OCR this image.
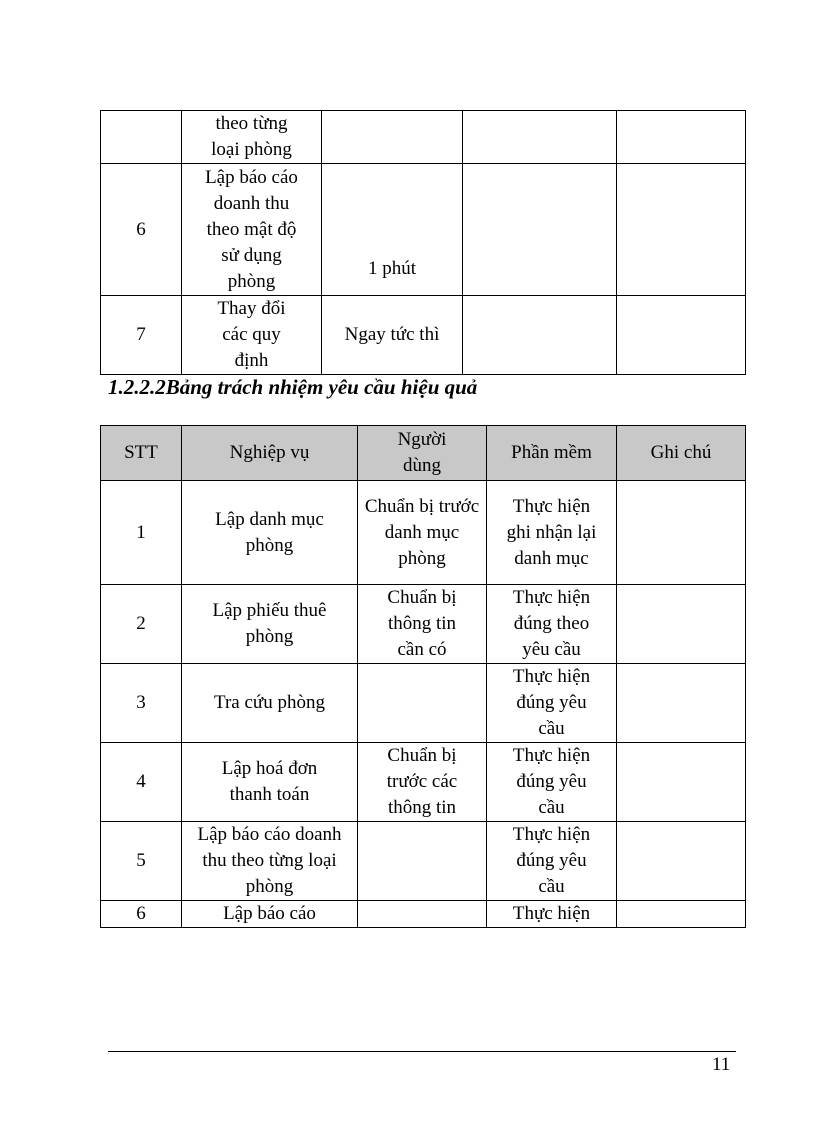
	theo từng loại phòng			
6	Lập báo cáo doanh thu theo mật độ sử dụng phòng	1 phút		
7	Thay đổi các quy định	Ngay tức thì		
1.2.2.2Bảng trách nhiệm yêu cầu hiệu quả
STT	Nghiệp vụ	Người dùng	Phần mềm	Ghi chú
1	Lập danh mục phòng	Chuẩn bị trước danh mục phòng	Thực hiện ghi nhận lại danh mục	
2	Lập phiếu thuê phòng	Chuẩn bị thông tin cần có	Thực hiện đúng theo yêu cầu	
3	Tra cứu phòng		Thực hiện đúng yêu cầu	
4	Lập hoá đơn thanh toán	Chuẩn bị trước các thông tin	Thực hiện đúng yêu cầu	
5	Lập báo cáo doanh thu theo từng loại phòng		Thực hiện đúng yêu cầu	
6	Lập báo cáo		Thực hiện	
11
